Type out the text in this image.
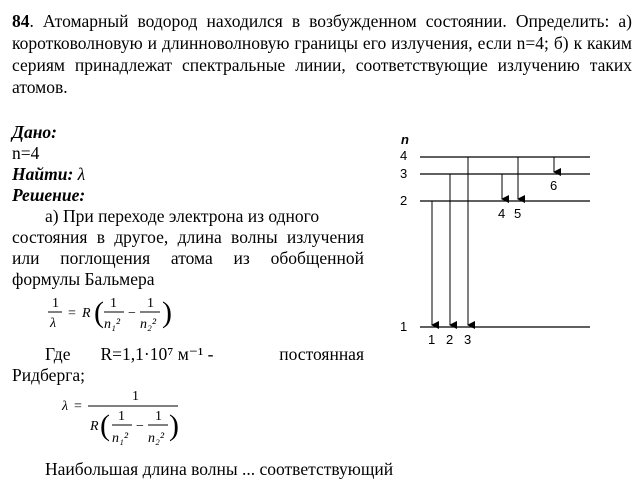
84. Атомарный водород находился в возбужденном состоянии. Определить: а) коротковолновую и длинноволновую границы его излучения, если n=4; б) к каким сериям принадлежат спектральные линии, соответствующие излучению таких атомов.
Дано:
n=4
Найти: λ
Решение:
а) При переходе электрона из одного
состояния в другое, длина волны излучения
или поглощения атома из обобщенной
формулы Бальмера
1
λ
= R ( 1
n₁²
−
1
n₂² )
Где R=1,1·10⁷ м⁻¹ -	постоянная
Ридберга;
λ =
1
R ( 1
n₁²
−
1
n₂² )
n
4
3
2
1
1 2 3
4 5
6
Наибольшая длина волны ... соответствующий
